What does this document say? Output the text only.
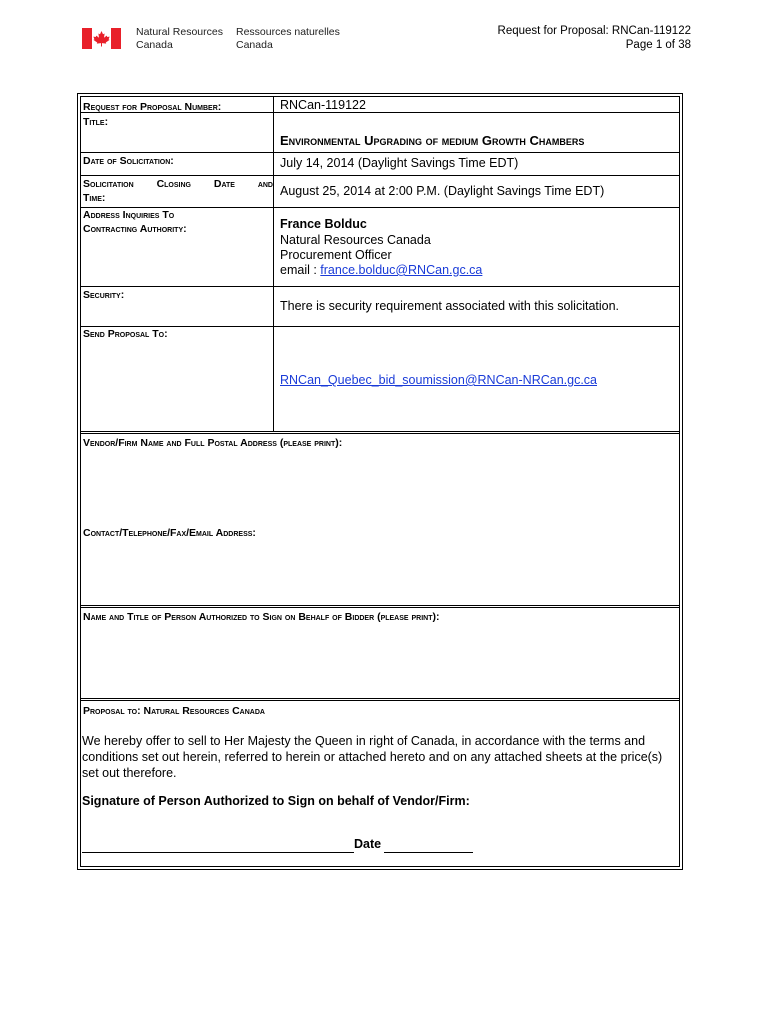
Natural Resources
Canada
Ressources naturelles
Canada
Request for Proposal: RNCan-119122
Page 1 of 38
Request for Proposal Number:	RNCan-119122
Title:
Environmental Upgrading of medium Growth Chambers
Date of Solicitation:	July 14, 2014 (Daylight Savings Time EDT)
Solicitation Closing Date and
Time:	August 25, 2014 at 2:00 P.M. (Daylight Savings Time EDT)
Address Inquiries To
Contracting Authority:	France Bolduc
Natural Resources Canada
Procurement Officer
email : france.bolduc@RNCan.gc.ca
Security:
There is security requirement associated with this solicitation.
Send Proposal To:
RNCan_Quebec_bid_soumission@RNCan-NRCan.gc.ca
Vendor/Firm Name and Full Postal Address (please print):
Contact/Telephone/Fax/Email Address:
Name and Title of Person Authorized to Sign on Behalf of Bidder (please print):
Proposal to: Natural Resources Canada
We hereby offer to sell to Her Majesty the Queen in right of Canada, in accordance with the terms and conditions set out herein, referred to herein or attached hereto and on any attached sheets at the price(s) set out therefore.
Signature of Person Authorized to Sign on behalf of Vendor/Firm:
Date
